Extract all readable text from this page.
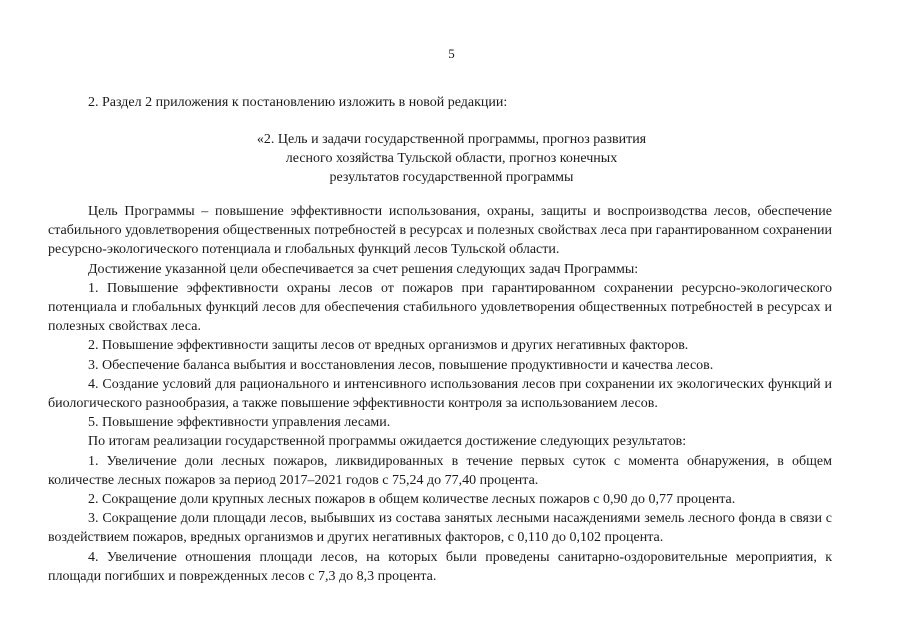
5
2. Раздел 2 приложения к постановлению изложить в новой редакции:
«2. Цель и задачи государственной программы, прогноз развития
лесного хозяйства Тульской области, прогноз конечных
результатов государственной программы

Цель Программы – повышение эффективности использования, охраны, защиты и воспроизводства лесов, обеспечение стабильного удовлетворения общественных потребностей в ресурсах и полезных свойствах леса при гарантированном сохранении ресурсно-экологического потенциала и глобальных функций лесов Тульской области.

Достижение указанной цели обеспечивается за счет решения следующих задач Программы:

1. Повышение эффективности охраны лесов от пожаров при гарантированном сохранении ресурсно-экологического потенциала и глобальных функций лесов для обеспечения стабильного удовлетворения общественных потребностей в ресурсах и полезных свойствах леса.

2. Повышение эффективности защиты лесов от вредных организмов и других негативных факторов.

3. Обеспечение баланса выбытия и восстановления лесов, повышение продуктивности и качества лесов.

4. Создание условий для рационального и интенсивного использования лесов при сохранении их экологических функций и биологического разнообразия, а также повышение эффективности контроля за использованием лесов.

5. Повышение эффективности управления лесами.

По итогам реализации государственной программы ожидается достижение следующих результатов:

1. Увеличение доли лесных пожаров, ликвидированных в течение первых суток с момента обнаружения, в общем количестве лесных пожаров за период 2017–2021 годов с 75,24 до 77,40 процента.

2. Сокращение доли крупных лесных пожаров в общем количестве лесных пожаров с 0,90 до 0,77 процента.

3. Сокращение доли площади лесов, выбывших из состава занятых лесными насаждениями земель лесного фонда в связи с воздействием пожаров, вредных организмов и других негативных факторов, с 0,110 до 0,102 процента.

4. Увеличение отношения площади лесов, на которых были проведены санитарно-оздоровительные мероприятия, к площади погибших и поврежденных лесов с 7,3 до 8,3 процента.
